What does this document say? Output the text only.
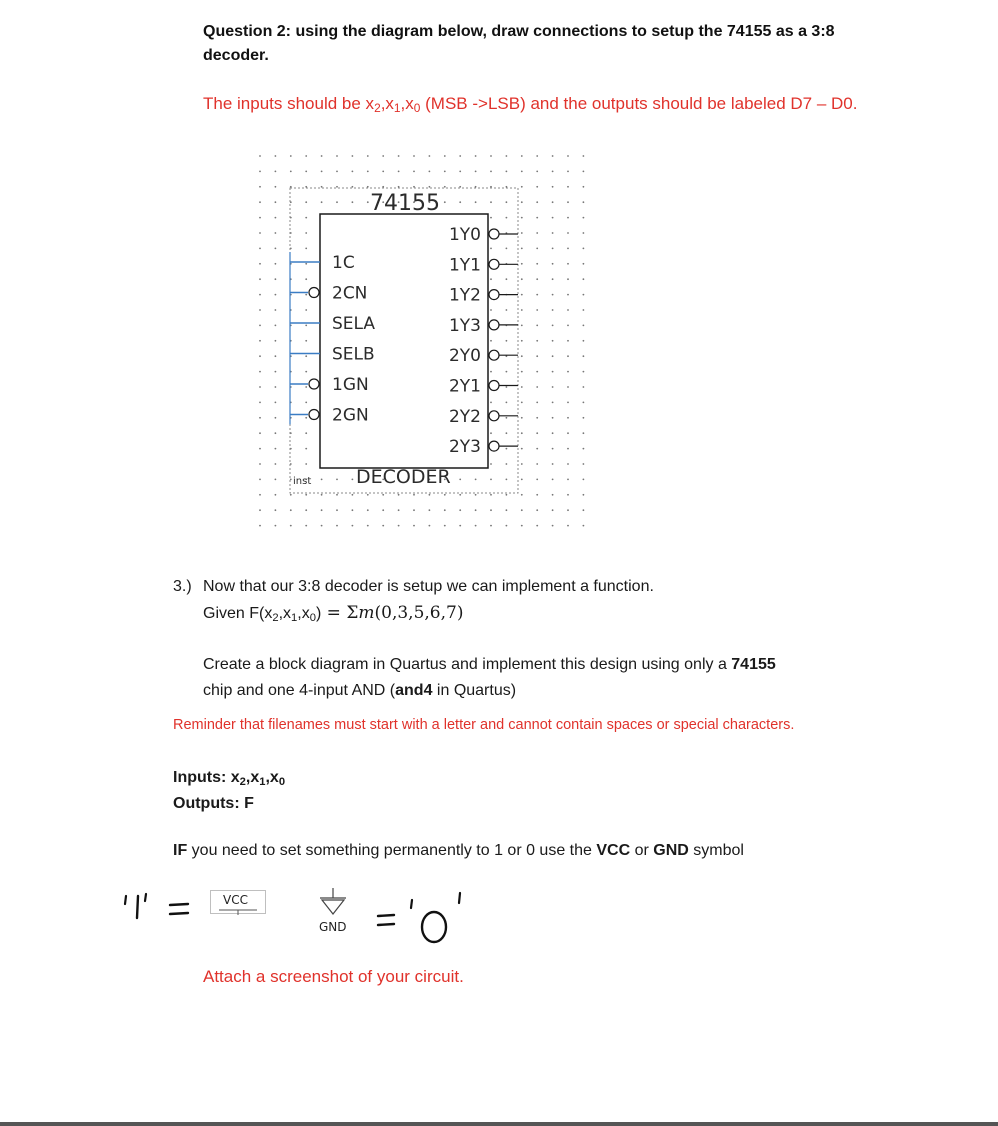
Question 2: using the diagram below, draw connections to setup the 74155 as a 3:8
decoder.
The inputs should be $x_2,x_1,x_0$ (MSB ->LSB) and the outputs should be labeled D7 – D0.
74155
1C
2CN
SELA
SELB
1GN
2GN
1Y0
1Y1
1Y2
1Y3
2Y0
2Y1
2Y2
2Y3
inst DECODER
3.) Now that our 3:8 decoder is setup we can implement a function.
Given $F(x_2,x_1,x_0) = \Sigma m(0,3,5,6,7)$
Create a block diagram in Quartus and implement this design using only a 74155
chip and one 4-input AND (and4 in Quartus)
Reminder that filenames must start with a letter and cannot contain spaces or special characters.
Inputs: $x_2,x_1,x_0$
Outputs: F
IF you need to set something permanently to 1 or 0 use the VCC or GND symbol
VCC
GND
Attach a screenshot of your circuit.
